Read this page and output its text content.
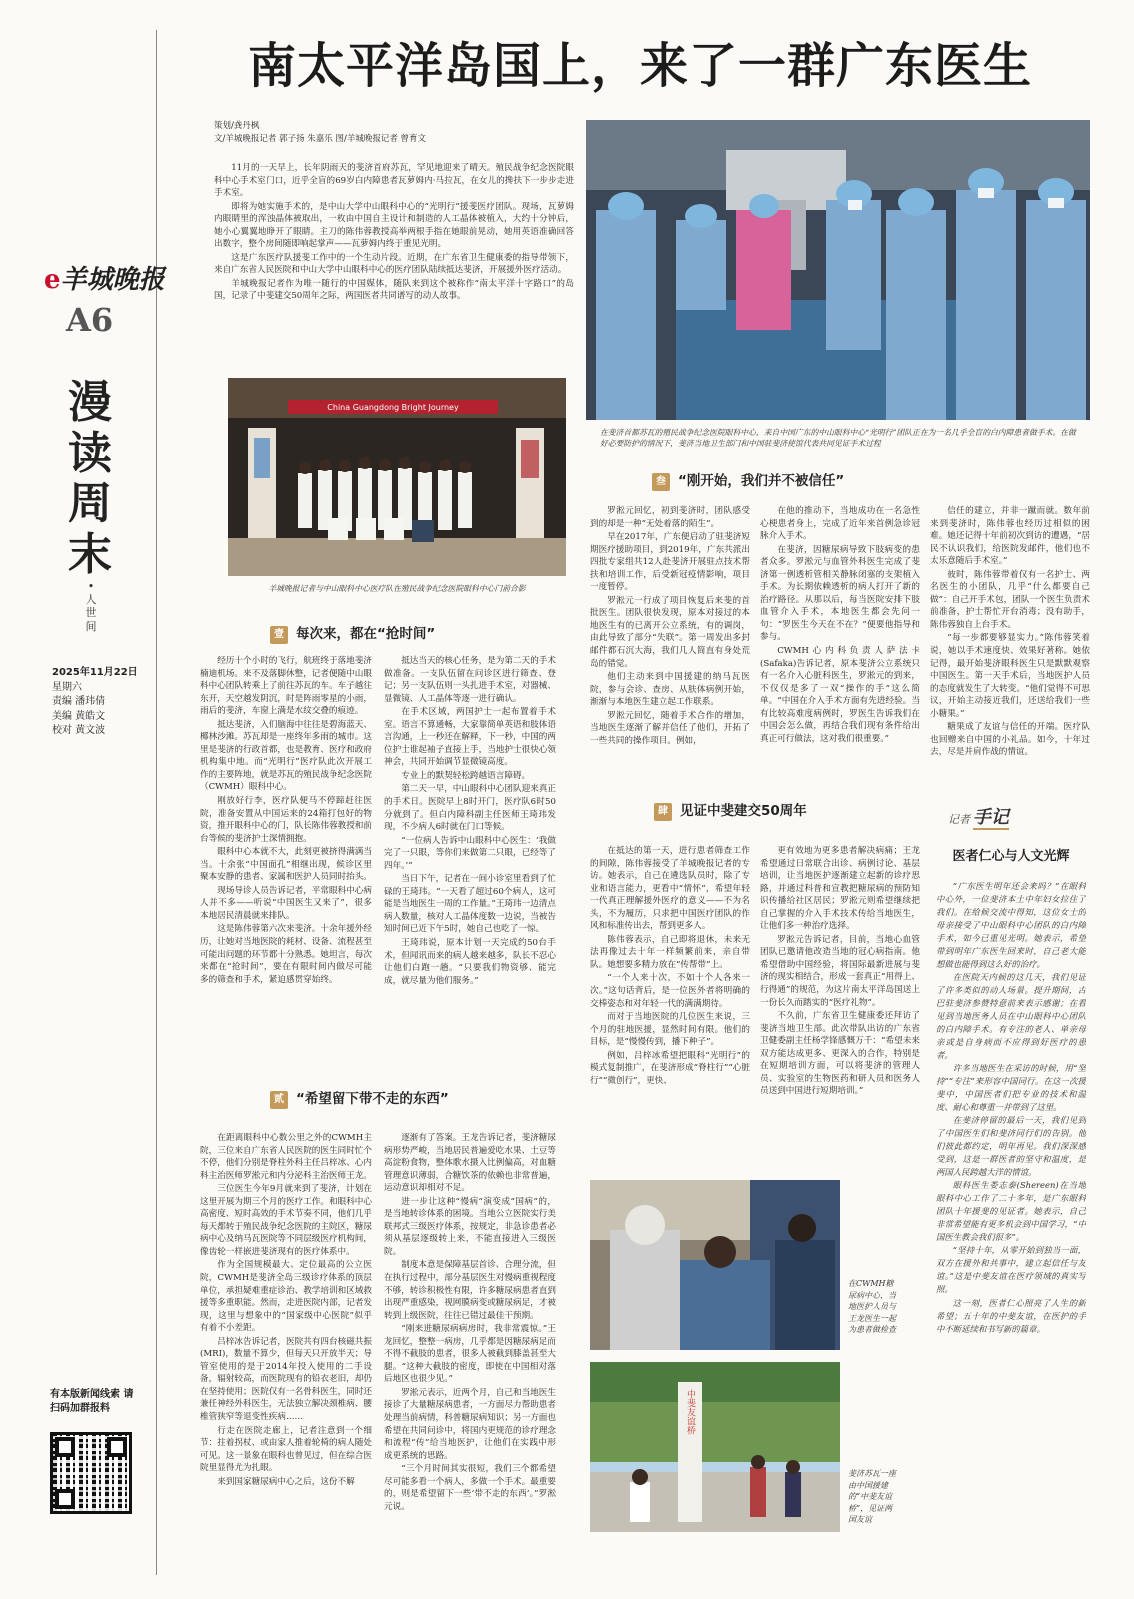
南太平洋岛国上，来了一群广东医生
e羊城晚报
A6
漫读周末
•
人世间
2025年11月22日
星期六
责编 潘玮倩
美编 黄皓文
校对 黄文波
有本版新闻线索 请扫码加群报料
策划/龚丹枫
文/羊城晚报记者 郭子扬 朱嘉乐 图/羊城晚报记者 曾育文

11月的一天早上，长年阴雨天的斐济首府苏瓦，罕见地迎来了晴天。殖民战争纪念医院眼科中心手术室门口，近乎全盲的69岁白内障患者瓦萝姆内·马拉瓦，在女儿的搀扶下一步步走进手术室。

即将为她实施手术的，是中山大学中山眼科中心的“光明行”援斐医疗团队。现场，瓦萝姆内眼睛里的浑浊晶体被取出，一枚由中国自主设计和制造的人工晶体被植入，大约十分钟后，她小心翼翼地睁开了眼睛。主刀的陈伟蓉教授高举两根手指在她眼前晃动，她用英语准确回答出数字，整个房间随即响起掌声——瓦萝姆内终于重见光明。

这是广东医疗队援斐工作中的一个生动片段。近期，在广东省卫生健康委的指导带领下，来自广东省人民医院和中山大学中山眼科中心的医疗团队陆续抵达斐济，开展援外医疗活动。

羊城晚报记者作为唯一随行的中国媒体，随队来到这个被称作“南太平洋十字路口”的岛国，记录了中斐建交50周年之际，两国医者共同谱写的动人故事。

China Guangdong Bright Journey
羊城晚报记者与中山眼科中心医疗队在殖民战争纪念医院眼科中心门前合影
在斐济首都苏瓦的殖民战争纪念医院眼科中心，来自中国广东的中山眼科中心“光明行”团队正在为一名几乎全盲的白内障患者做手术。在做好必要防护的情况下，斐济当地卫生部门和中国驻斐济使馆代表共同见证手术过程
壹 每次来，都在“抢时间”

经历十个小时的飞行，航班终于落地斐济楠迪机场。来不及落脚休整，记者便随中山眼科中心团队转乘上了前往苏瓦的车。车子越往东开，天空越发阴沉，时是阵雨零星的小雨，雨后的斐济，车窗上满是水纹交叠的痕迹。

抵达斐济，入们脑海中往往是碧海蓝天、椰林沙滩。苏瓦却是一座终年多雨的城市。这里是斐济的行政首都，也是教育、医疗和政府机构集中地。而“光明行”医疗队此次开展工作的主要阵地，就是苏瓦的殖民战争纪念医院（CWMH）眼科中心。

刚放好行李，医疗队便马不停蹄赶往医院，准备安置从中国运来的24箱打包好的物资，推开眼科中心的门，队长陈伟蓉教授和前台等候的斐济护士深情拥抱。

眼科中心本就不大，此刻更被挤得满满当当。十余张“中国面孔”相继出现，候诊区里聚本安静的患者、家属和医护人员同时抬头。

现场导诊人员告诉记者，平常眼科中心病人并不多——听说“中国医生又来了”，很多本地居民清晨就来排队。

这是陈伟蓉第六次来斐济。十余年援外经历，让她对当地医院的耗材、设备、流程甚至可能出问题的环节都十分熟悉。她坦言，每次来都在“抢时间”，要在有限时间内做尽可能多的筛查和手术，紧迫感贯穿始终。

抵达当天的核心任务，是为第二天的手术做准备。一支队伍留在问诊区进行筛查、登记；另一支队伍则一头扎进手术室，对器械、显微镜、人工晶体等逐一进行确认。

在手术区域，两国护士一起布置着手术室。语言不算通畅，大家靠简单英语和肢体语言沟通，上一秒还在解释，下一秒，中国的两位护士谁起袖子直接上手，当地护士很快心领神会，共同开始调节显微镜高度。

专业上的默契轻松跨越语言障碍。

第二天一早，中山眼科中心团队迎来真正的手术日。医院早上8时开门，医疗队6时50分就到了。但白内障科副主任医师王琦玮发现，不少病人6时就在门口等候。

“一位病人告诉中山眼科中心医生：‘我做完了一只眼，等你们来做第二只眼，已经等了四年。’”

当日下午，记者在一间小诊室里看到了忙碌的王琦玮。“一天看了超过60个病人，这可能是当地医生一周的工作量。”王琦玮一边清点病人数量，核对人工晶体度数一边说，当被告知时间已近下午5时，她自己也吃了一惊。

王琦玮说，原本计划一天完成约50台手术，但闻讯而来的病人越来越多，队长不忍心让他们白跑一趟。“只要我们物资够、能完成，就尽量为他们服务。”

贰 “希望留下带不走的东西”

在距离眼科中心数公里之外的CWMH主院，三位来自广东省人民医院的医生同时忙个不停，他们分别是脊柱外科主任吕梓冰、心内科主治医师罗淞元和内分泌科主治医师王龙。

三位医生今年9月就来到了斐济，计划在这里开展为期三个月的医疗工作。和眼科中心高密度、短时高效的手术节奏不同，他们几乎每天都转于殖民战争纪念医院的主院区，糖尿病中心及纳马瓦医院等不同层级医疗机构间，像齿轮一样嵌进斐济现有的医疗体系中。

作为全国规模最大、定位最高的公立医院，CWMH是斐济全岛三级诊疗体系的顶层单位，承担疑难重症诊治、教学培训和区域救援等多重职能。然而，走进医院内部，记者发现，这里与想象中的“国家级中心医院”似乎有着不小差距。

吕梓冰告诉记者，医院共有四台核磁共振(MRI)，数量不算少，但每天只开放半天；导管室使用的是于2014年投入使用的二手设备，辐射较高，而医院现有的铅衣老旧，却仍在坚持使用；医院仅有一名骨科医生，同时还兼任神经外科医生，无法独立解决颈椎病、腰椎管狭窄等退变性疾病……

行走在医院走廊上，记者注意到一个细节：拄着拐杖、或由家人推着轮椅的病人随处可见。这一景象在眼科也曾见过，但在综合医院里显得尤为扎眼。

来到国家糖尿病中心之后，这份不解

逐渐有了答案。王龙告诉记者，斐济糖尿病形势严峻，当地居民普遍爱吃水果、土豆等高淀粉食物，整体歌水摄入比例偏高，对血糖管理意识薄弱，合糖饮茶的依赖也非常普遍，运动意识却相对不足。

进一步让这种“慢病”演变成“国病”的，是当地转诊体系的困境。当地公立医院实行美联邦式三级医疗体系，按规定，非急诊患者必须从基层逐级转上来，不能直接进入三级医院。

制度本意是保障基层首诊、合理分流，但在执行过程中，部分基层医生对慢病重视程度不够，转诊积极性有限，许多糖尿病患者直到出现严重感染，视网膜病变或糖尿病足，才被转到上级医院，往往已错过最佳干预期。

“刚来进糖尿病病房时，我非常震惊。”王龙回忆，整整一病房，几乎都是因糖尿病足而不得不截肢的患者，很多人被截到膝盖甚至大腿。“这种大截肢的密度，即使在中国相对落后地区也很少见。”

罗淞元表示，近两个月，自己和当地医生接诊了大量糖尿病患者，一方面尽力帮助患者处理当前病情，科普糖尿病知识；另一方面也希望在共同问诊中，将国内更规范的诊疗理念和流程“传”给当地医护，让他们在实践中形成更系统的思路。

“三个月时间其实很短，我们三个都希望尽可能多看一个病人，多做一个手术。最重要的，则是希望留下一些‘带不走的东西’。”罗淞元说。

叁 “刚开始，我们并不被信任”

罗淞元回忆，初到斐济时，团队感受到的却是一种“无处着落的陌生”。

早在2017年，广东便启动了驻斐济短期医疗援助项目，到2019年，广东共派出四批专家组共12人赴斐济开展驻点技术帮扶和培训工作，后受新冠疫情影响，项目一度暂停。

罗淞元一行成了项目恢复后来斐的首批医生。团队很快发现，原本对接过的本地医生有的已离开公立系统，有的调岗，由此导致了部分“失联”。第一周发出多封邮件都石沉大海，我们几人简直有身处荒岛的错觉。

他们主动来到中国援建的纳马瓦医院，参与会诊、查房、从肤体病例开始，渐渐与本地医生建立起工作联系。

罗淞元回忆，随着手术合作的增加，当地医生逐渐了解并信任了他们，开拓了一些共同的操作项目。例如，

在他的推动下，当地成功在一名急性心梗患者身上，完成了近年来首例急诊冠脉介入手术。

在斐济，因糖尿病导致下肢病变的患者众多。罗淞元与血管外科医生完成了斐济第一例透析管相关静脉闭塞的支架植入手术。为长期依赖透析的病人打开了新的治疗路径。从那以后，每当医院安排下肢血管介入手术，本地医生都会先问一句：“罗医生今天在不在？”便要他指导和参与。

CWMH心内科负责人萨法卡(Safaka)告诉记者，原本斐济公立系统只有一名介入心脏科医生，罗淞元的到来，不仅仅是多了一双“操作的手”这么简单。“中国在介入手术方面有先进经验。当有比较高难度病例时，罗医生告诉我们在中国会怎么做，再结合我们现有条件给出真正可行做法，这对我们很重要。”

信任的建立，并非一蹴而就。数年前来到斐济时，陈伟蓉也经历过相似的困难。她还记得十年前初次到访的遭遇，“居民不认识我们，给医院发邮件，他们也不太乐意随后手术室。”

彼时，陈伟蓉带着仅有一名护士、两名医生的小团队，几乎“什么都要自己做”：自己开手术包，团队一个医生负责术前准备，护士帮忙开台消毒；没有助手，陈伟蓉独自上台手术。

“每一步都要够显实力。”陈伟蓉笑着说，她以手术速度快、效果好著称。她依记得，最开始斐济眼科医生只是默默观察中国医生。第一天手术后，当地医护人员的态度就发生了大转变。“他们觉得不可思议，开始主动接近我们，还送给我们一些小糖果。”

糖果成了友谊与信任的开端。医疗队也回赠来自中国的小礼品。如今，十年过去，尽是并肩作战的情谊。

肆 见证中斐建交50周年

在抵达的第一天，进行患者筛查工作的间隙，陈伟蓉接受了羊城晚报记者的专访。她表示，自己在遴选队员时，除了专业和语言能力，更看中“情怀”，希望年轻一代真正理解援外医疗的意义——不为名头，不为履历，只求把中国医疗团队的作风和标准传出去，帮到更多人。

陈伟蓉表示，自己即将退休，未来无法再像过去十年一样频繁前来，亲自带队。她想要多精力放在“传帮带”上。

“一个人来十次，不如十个人各来一次。”这句话背后，是一位医外者将明确的交棒姿态和对年轻一代的满满期待。

而对于当地医院的几位医生来说，三个月的驻地医援，显然时间有限。他们的目标，是“慢慢传到，播下种子”。

例如，吕梓冰希望把眼科“光明行”的模式复制推广，在斐济形成“脊柱行”“心脏行”“微创行”，更快、

更有效地为更多患者解决病痛；王龙希望通过日常联合出诊、病例讨论、基层培训，让当地医护逐渐建立起新的诊疗思路，并通过科普和宣教把糖尿病的预防知识传播给社区居民；罗淞元则希望继续把自己掌握的介入手术技术传给当地医生，让他们多一种治疗选择。

罗淞元告诉记者，目前，当地心血管团队已邀请他改造当地的冠心病指南。他希望借助中国经验，将国际最新进展与斐济的现实相结合，形成一套真正“用得上、行得通”的规范，为这片南太平洋岛国送上一份长久而踏实的“医疗礼物”。

不久前，广东省卫生健康委还拜访了斐济当地卫生部。此次带队出访的广东省卫健委副主任杨学锋感慨万千：“希望未来双方能达成更多、更深入的合作，特别是在短期培训方面，可以将斐济的管理人员、实验室的生物医药和研人员和医务人员送到中国进行短期培训。”

在CWMH糖尿病中心，当地医护人员与王龙医生一起为患者做检查
中斐友谊桥
斐济苏瓦一座由中国援建的“中斐友谊桥”，见证两国友谊
记者 手记
医者仁心与人文光辉

“广东医生明年还会来吗？”在眼科中心外，一位斐济本土中年妇女拉住了我们。在给候交流中得知，这位女士的母亲接受了中山眼科中心团队的白内障手术，如今已重见光明。她表示，希望带到明年广东医生回来时，自己老大能想做也能得到这么好的治疗。

在医院天内候的这几天，我们见证了许多类似的动人场景。提升期间，古巴驻斐济参赞特意前来表示感谢；在看见到当地医务人员在中山眼科中心团队的白内障手术。有专注的老人、单亲母亲或是自身病而不应得到好医疗的患者。

许多当地医生在采访的时候，用“坚持”“专注”来形容中国同行。在这一次援斐中，中国医者们把专业的技术和温度、耐心和尊重一并带到了这里。

在斐济停留的最后一天，我们见到了中国医生们和斐济同行们的告别。他们彼此都约定，明年再见。我们深深感受到，这是一群医者的坚守和温度，是两国人民跨越大洋的情谊。

眼科医生娄志泰(Shereen)在当地眼科中心工作了二十多年，是广东眼科团队十年援斐的见证者。她表示，自己非常希望能有更多机会到中国学习，“中国医生教会我们很多”。

“坚持十年，从零开始到独当一面，双方在援外和共事中，建立起信任与友谊。”这是中斐友谊在医疗领域的真实写照。

这一刻，医者仁心照亮了人生的新希望；五十年的中斐友谊，在医护的手中不断延续和书写新的篇章。
